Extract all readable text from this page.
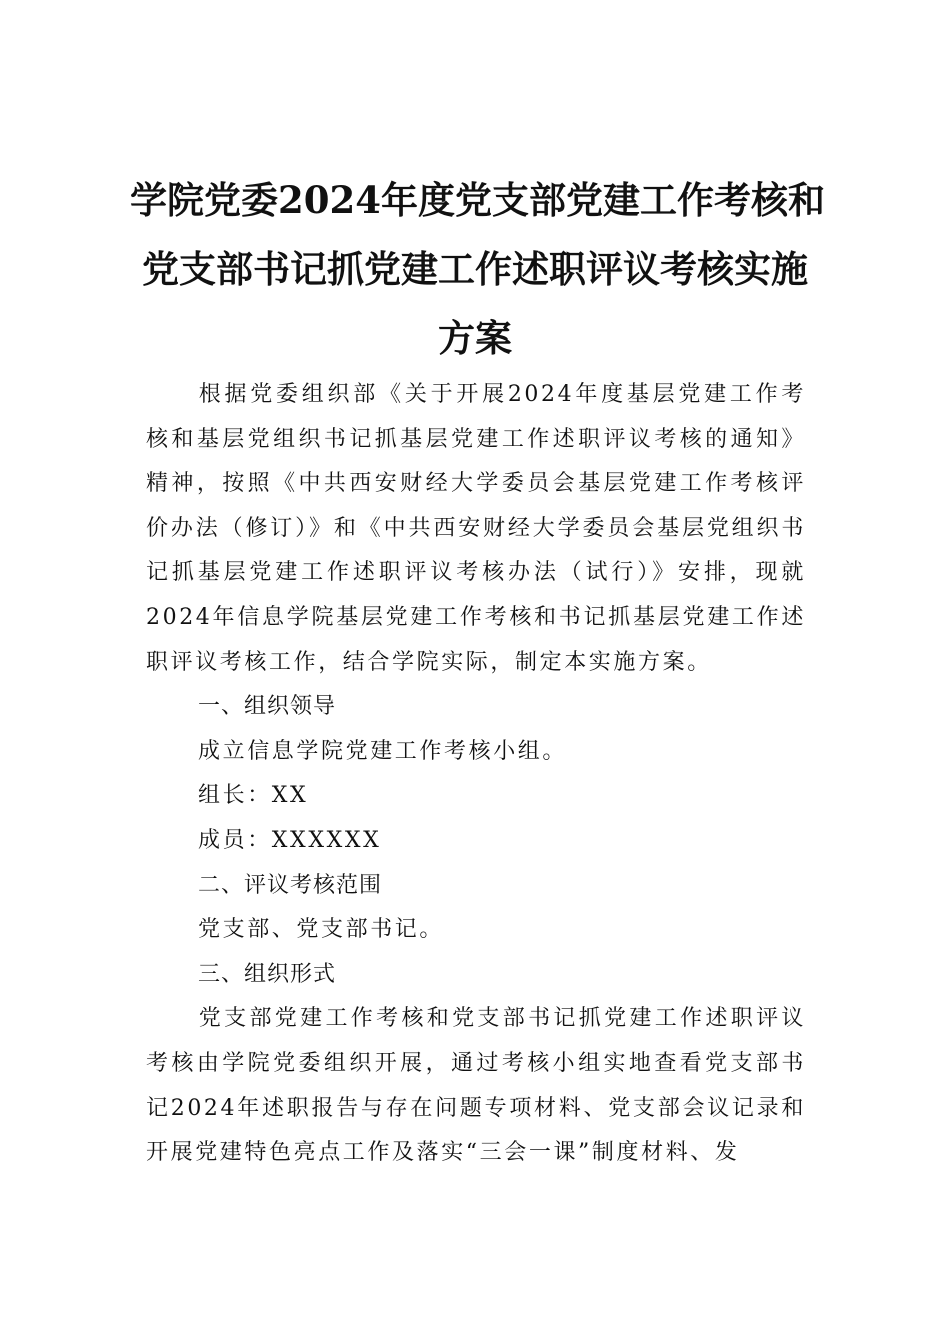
学院党委2024年度党支部党建工作考核和
党支部书记抓党建工作述职评议考核实施
方案

根据党委组织部《关于开展2024年度基层党建工作考核和基层党组织书记抓基层党建工作述职评议考核的通知》精神，按照《中共西安财经大学委员会基层党建工作考核评价办法（修订）》和《中共西安财经大学委员会基层党组织书记抓基层党建工作述职评议考核办法（试行）》安排，现就2024年信息学院基层党建工作考核和书记抓基层党建工作述职评议考核工作，结合学院实际，制定本实施方案。

一、组织领导

成立信息学院党建工作考核小组。

组长：XX

成员：XXXXXX

二、评议考核范围

党支部、党支部书记。

三、组织形式

党支部党建工作考核和党支部书记抓党建工作述职评议考核由学院党委组织开展，通过考核小组实地查看党支部书记2024年述职报告与存在问题专项材料、党支部会议记录和开展党建特色亮点工作及落实“三会一课”制度材料、发
